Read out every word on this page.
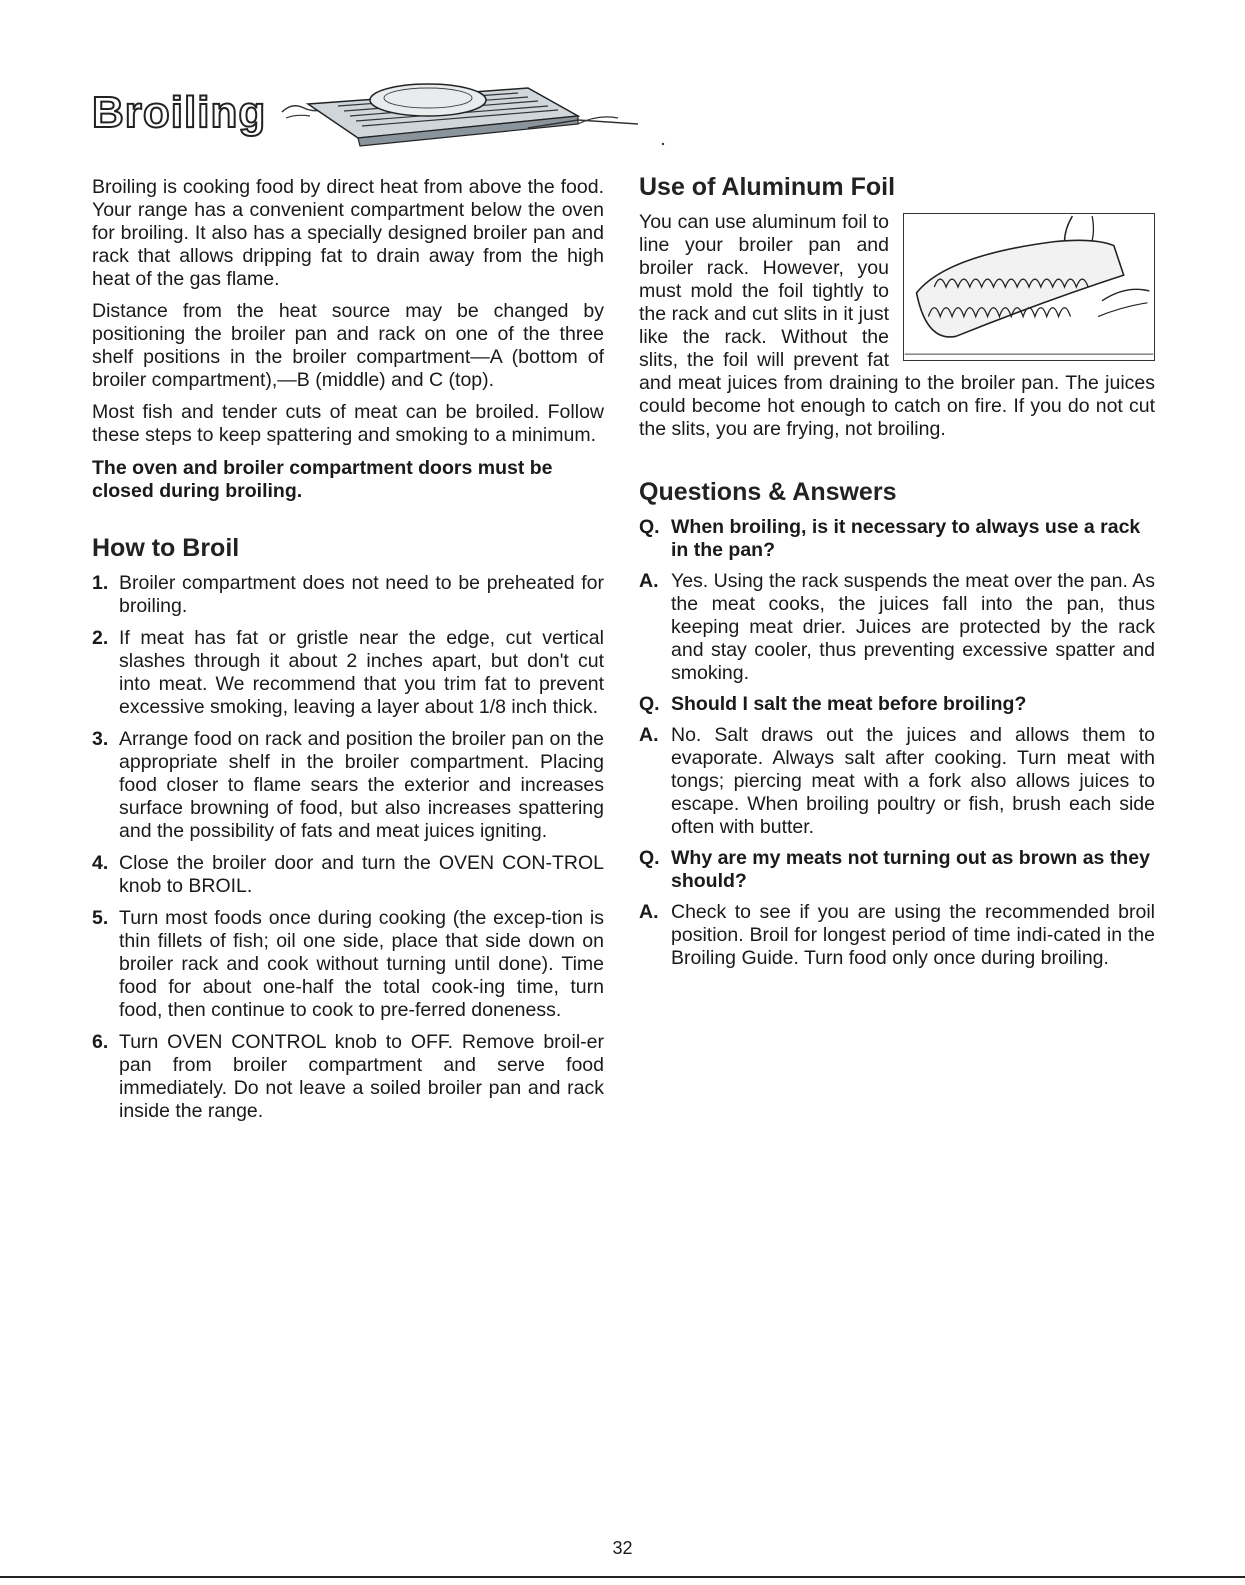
Broiling

Broiling is cooking food by direct heat from above the food. Your range has a convenient compartment below the oven for broiling. It also has a specially designed broiler pan and rack that allows dripping fat to drain away from the high heat of the gas flame.

Distance from the heat source may be changed by positioning the broiler pan and rack on one of the three shelf positions in the broiler compartment—A (bottom of broiler compartment),—B (middle) and C (top).

Most fish and tender cuts of meat can be broiled. Follow these steps to keep spattering and smoking to a minimum.

The oven and broiler compartment doors must be closed during broiling.

How to Broil
1. Broiler compartment does not need to be preheated for broiling.
2. If meat has fat or gristle near the edge, cut vertical slashes through it about 2 inches apart, but don't cut into meat. We recommend that you trim fat to prevent excessive smoking, leaving a layer about 1/8 inch thick.
3. Arrange food on rack and position the broiler pan on the appropriate shelf in the broiler compartment. Placing food closer to flame sears the exterior and increases surface browning of food, but also increases spattering and the possibility of fats and meat juices igniting.
4. Close the broiler door and turn the OVEN CON-TROL knob to BROIL.
5. Turn most foods once during cooking (the excep-tion is thin fillets of fish; oil one side, place that side down on broiler rack and cook without turning until done). Time food for about one-half the total cook-ing time, turn food, then continue to cook to pre-ferred doneness.
6. Turn OVEN CONTROL knob to OFF. Remove broil-er pan from broiler compartment and serve food immediately. Do not leave a soiled broiler pan and rack inside the range.
Use of Aluminum Foil

You can use aluminum foil to line your broiler pan and broiler rack. However, you must mold the foil tightly to the rack and cut slits in it just like the rack. Without the slits, the foil will prevent fat and meat juices from draining to the broiler pan. The juices could become hot enough to catch on fire. If you do not cut the slits, you are frying, not broiling.

Questions & Answers
Q. When broiling, is it necessary to always use a rack in the pan?
A. Yes. Using the rack suspends the meat over the pan. As the meat cooks, the juices fall into the pan, thus keeping meat drier. Juices are protected by the rack and stay cooler, thus preventing excessive spatter and smoking.
Q. Should I salt the meat before broiling?
A. No. Salt draws out the juices and allows them to evaporate. Always salt after cooking. Turn meat with tongs; piercing meat with a fork also allows juices to escape. When broiling poultry or fish, brush each side often with butter.
Q. Why are my meats not turning out as brown as they should?
A. Check to see if you are using the recommended broil position. Broil for longest period of time indi-cated in the Broiling Guide. Turn food only once during broiling.
32
